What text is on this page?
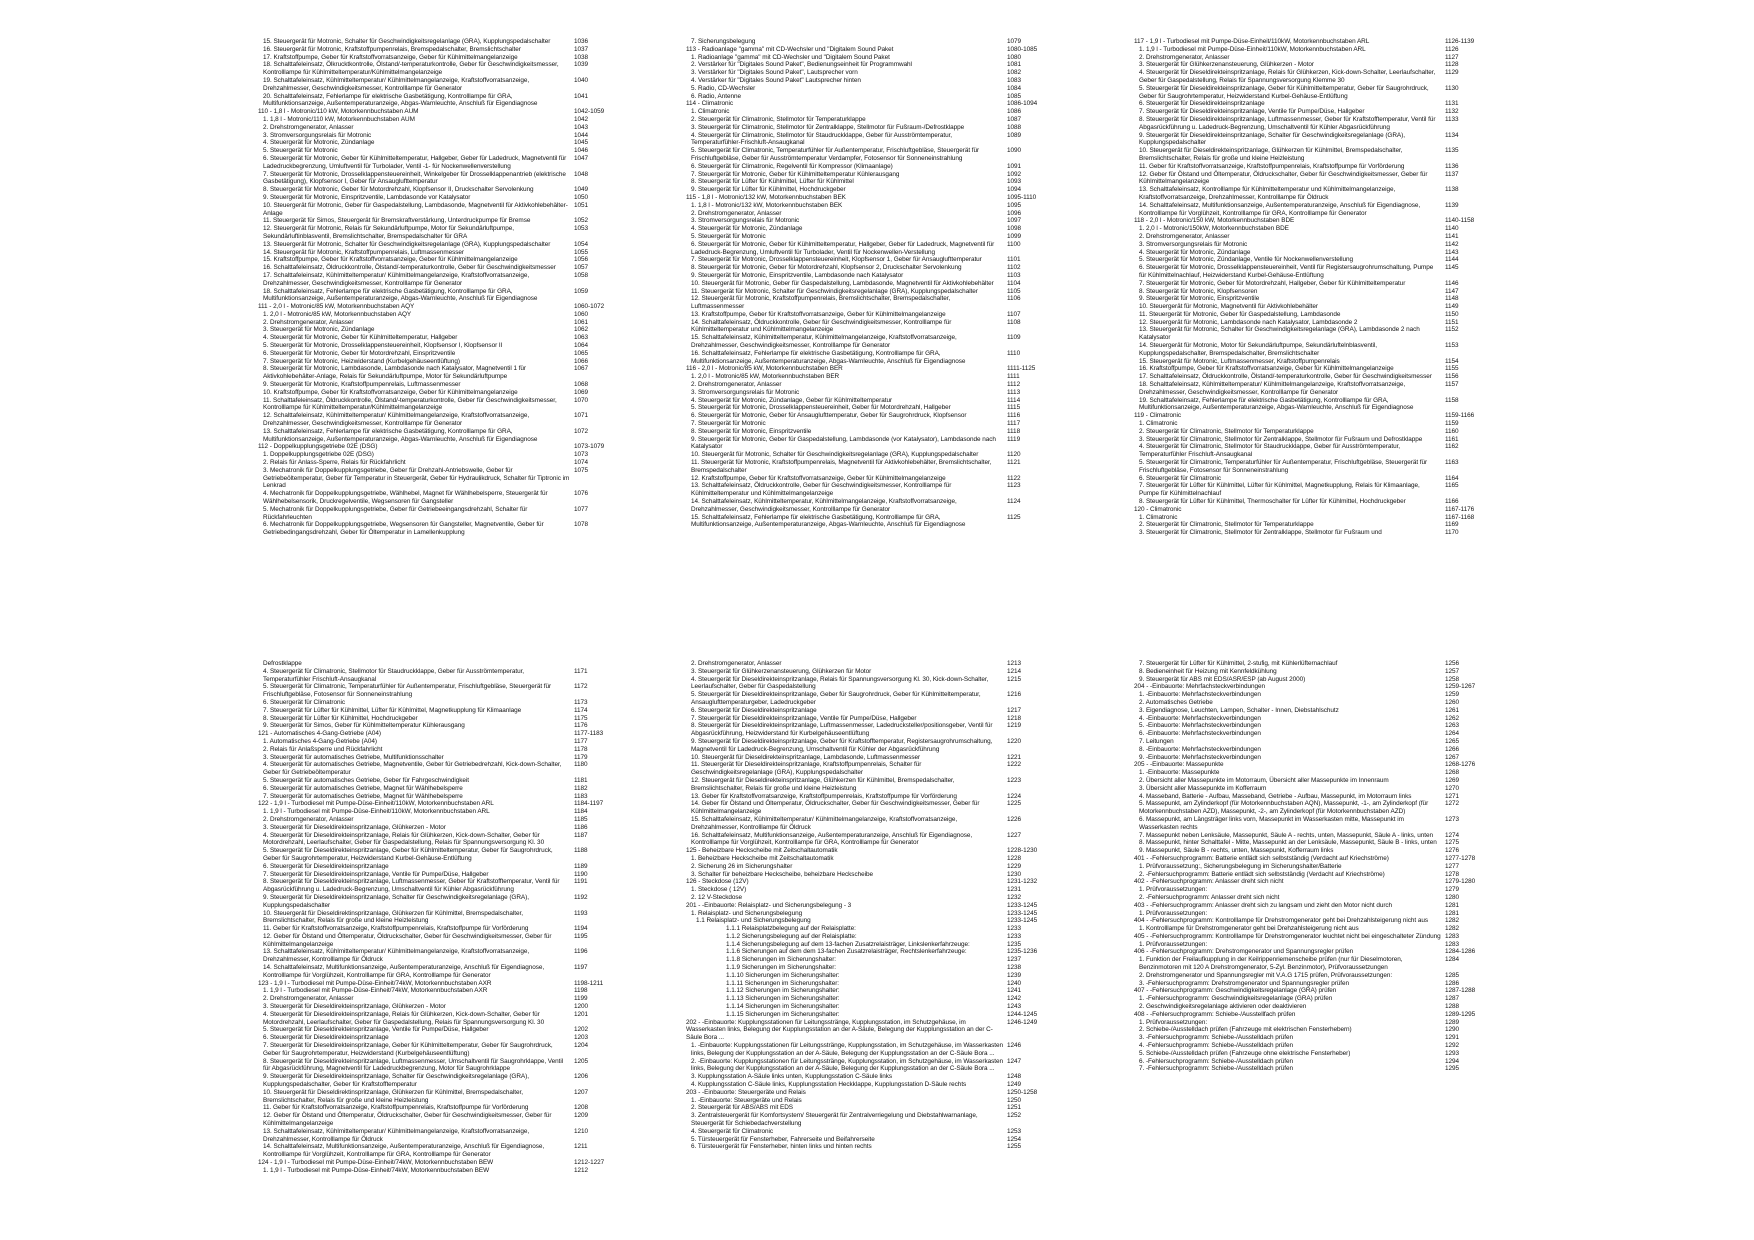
15. Steuergerät für Motronic, Schalter für Geschwindigkeitsregelanlage (GRA), Kupplungspedalschalter	1036
16. Steuergerät für Motronic, Kraftstoffpumpenrelais, Bremspedalschalter, Bremslichtschalter	1037
17. Kraftstoffpumpe, Geber für Kraftstoffvorratsanzeige, Geber für Kühlmittelmangelanzeige	1038
18. Schalttafeleinsatz, Ölkrucktkontrolle, Ölstand/-temperaturkontrolle, Geber für Geschwindigkeitsmesser, Kontrolllampe für Kühlmitteltemperatur/Kühlmittelmangelanzeige
1039
19. Schalttafeleinsatz, Kühlmitteltemperatur/ Kühlmittelmangelanzeige, Kraftstoffvorratsanzeige, Drehzahlmesser, Geschwindigkeitsmesser, Kontrolllampe für Generator
1040
20. Schalttafeleinsatz, Fehlerlampe für elektrische Gasbetätigung, Kontrolllampe für GRA, Multifunktionsanzeige, Außentemperaturanzeige, Abgas-Warnleuchte, Anschluß für Eigendiagnose
1041
110 - 1,8 l - Motronic/110 kW, Motorkennbuchstaben AUM	1042-1059
1. 1,8 l - Motronic/110 kW, Motorkennbuchstaben AUM	1042
2. Drehstromgenerator, Anlasser	1043
3. Stromversorgungsrelais für Motronic	1044
4. Steuergerät für Motronic, Zündanlage	1045
5. Steuergerät für Motronic	1046
6. Steuergerät für Motronic, Geber für Kühlmitteltemperatur, Hallgeber, Geber für Ladedruck, Magnetventil für Ladedruckbegrenzung, Umluftventil für Turbolader, Ventil -1- für Nockenwellenverstellung
1047
7. Steuergerät für Motronic, Drosselklappensteuereinheit, Winkelgeber für Drosselklappenantrieb (elektrische Gasbetätigung), Klopfsensor I, Geber für Ansauglufttemperatur
1048
8. Steuergerät für Motronic, Geber für Motordrehzahl, Klopfsensor II, Druckschalter Servolenkung	1049
9. Steuergerät für Motronic, Einspritzventile, Lambdasonde vor Katalysator	1050
10. Steuergerät für Motronic, Geber für Gaspedalstellung, Lambdasonde, Magnetventil für Aktivkohlebehälter-Anlage
1051
11. Steuergerät für Simos, Steuergerät für Bremskraftverstärkung, Unterdruckpumpe für Bremse	1052
12. Steuergerät für Motronic, Relais für Sekundärluftpumpe, Motor für Sekundärluftpumpe, Sekundärluftinblasventil, Bremslichtschalter, Bremspedalschalter für GRA
1053
13. Steuergerät für Motronic, Schalter für Geschwindigkeitsregelanlage (GRA), Kupplungspedalschalter	1054
14. Steuergerät für Motronic, Kraftstoffpumpenrelais, Luftmassenmesser	1055
15. Kraftstoffpumpe, Geber für Kraftstoffvorratsanzeige, Geber für Kühlmittelmangelanzeige	1056
16. Schalttafeleinsatz, Öldruckkontrolle, Ölstand/-temperaturkontrolle, Geber für Geschwindigkeitsmesser	1057
17. Schalttafeleinsatz, Kühlmitteltemperatur/ Kühlmittelmangelanzeige, Kraftstoffvorratsanzeige, Drehzahlmesser, Geschwindigkeitsmesser, Kontrolllampe für Generator
1058
18. Schalttafeleinsatz, Fehlerlampe für elektrische Gasbetätigung, Kontrolllampe für GRA, Multifunktionsanzeige, Außentemperaturanzeige, Abgas-Warnleuchte, Anschluß für Eigendiagnose
1059
111 - 2,0 l - Motronic/85 kW, Motorkennbuchstaben AQY	1060-1072
1. 2,0 l - Motronic/85 kW, Motorkennbuchstaben AQY	1060
2. Drehstromgenerator, Anlasser	1061
3. Steuergerät für Motronic, Zündanlage	1062
4. Steuergerät für Motronic, Geber für Kühlmitteltemperatur, Hallgeber	1063
5. Steuergerät für Motronic, Drosselklappensteuereinheit, Klopfsensor I, Klopfsensor II	1064
6. Steuergerät für Motronic, Geber für Motordrehzahl, Einspritzventile	1065
7. Steuergerät für Motronic, Heizwiderstand (Kurbelgehäuseentlüftung)	1066
8. Steuergerät für Motronic, Lambdasonde, Lambdasonde nach Katalysator, Magnetventil 1 für Aktivkohlebehälter-Anlage, Relais für Sekundärluftpumpe, Motor für Sekundärluftpumpe
1067
9. Steuergerät für Motronic, Kraftstoffpumpenrelais, Luftmassenmesser	1068
10. Kraftstoffpumpe, Geber für Kraftstoffvorratsanzeige, Geber für Kühlmittelmangelanzeige	1069
11. Schalttafeleinsatz, Öldruckkontrolle, Ölstand/-temperaturkontrolle, Geber für Geschwindigkeitsmesser, Kontrolllampe für Kühlmitteltemperatur/Kühlmittelmangelanzeige
1070
12. Schalttafeleinsatz, Kühlmitteltemperatur/ Kühlmittelmangelanzeige, Kraftstoffvorratsanzeige, Drehzahlmesser, Geschwindigkeitsmesser, Kontrolllampe für Generator
1071
13. Schalttafeleinsatz, Fehlerlampe für elektrische Gasbetätigung, Kontrolllampe für GRA, Multifunktionsanzeige, Außentemperaturanzeige, Abgas-Warnleuchte, Anschluß für Eigendiagnose
1072
112 - Doppelkupplungsgetriebe 02E (DSG)	1073-1079
1. Doppelkupplungsgetriebe 02E (DSG)	1073
2. Relais für Anlass-Sperre, Relais für Rückfahrlicht	1074
3. Mechatronik für Doppelkupplungsgetriebe, Geber für Drehzahl-Antriebswelle, Geber für Getriebeöltemperatur, Geber für Temperatur in Steuergerät, Geber für Hydraulikdruck, Schalter für Tiptronic im Lenkrad
1075
4. Mechatronik für Doppelkupplungsgetriebe, Wählhebel, Magnet für Wählhebelsperre, Steuergerät für Wählhebelsensorik, Druckregelventile, Wegsensoren für Gangsteller
1076
5. Mechatronik für Doppelkupplungsgetriebe, Geber für Getriebeeingangsdrehzahl, Schalter für Rückfahrleuchten
1077
6. Mechatronik für Doppelkupplungsgetriebe, Wegsensoren für Gangsteller, Magnetventile, Geber für Getriebedingangsdrehzahl, Geber für Öltemperatur in Lamellenkupplung
1078
7. Sicherungsbelegung	1079
113 - Radioanlage "gamma" mit CD-Wechsler und "Digitalem Sound Paket	1080-1085
1. Radioanlage "gamma" mit CD-Wechsler und "Digitalem Sound Paket	1080
2. Verstärker für "Digitales Sound Paket", Bedienungseinheit für Programmwahl	1081
3. Verstärker für "Digitales Sound Paket", Lautsprecher vorn	1082
4. Verstärker für "Digitales Sound Paket" Lautsprecher hinten	1083
5. Radio, CD-Wechsler	1084
6. Radio, Antenne	1085
114 - Climatronic	1086-1094
1. Climatronic	1086
2. Steuergerät für Climatronic, Stellmotor für Temperaturklappe	1087
3. Steuergerät für Climatronic, Stellmotor für Zentralklappe, Stellmotor für Fußraum-/Defrostklappe	1088
4. Steuergerät für Climatronic, Stellmotor für Staudruckklappe, Geber für Ausströmtemperatur, Temperaturfühler-Frischluft-Ansaugkanal
1089
5. Steuergerät für Climatronic, Temperaturfühler für Außentemperatur, Frischluftgebläse, Steuergerät für Frischluftgebläse, Geber für Ausströmtemperatur Verdampfer, Fotosensor für Sonneneinstrahlung
1090
6. Steuergerät für Climatronic, Regelventil für Kompressor (Klimaanlage)	1091
7. Steuergerät für Motronic, Geber für Kühlmitteltemperatur Kühlerausgang	1092
8. Steuergerät für Lüfter für Kühlmittel, Lüfter für Kühlmittel	1093
9. Steuergerät für Lüfter für Kühlmittel, Hochdruckgeber	1094
115 - 1,8 l - Motronic/132 kW, Motorkennbuchstaben BEK	1095-1110
1. 1,8 l - Motronic/132 kW, Motorkennbuchstaben BEK	1095
2. Drehstromgenerator, Anlasser	1096
3. Stromversorgungsrelais für Motronic	1097
4. Steuergerät für Motronic, Zündanlage	1098
5. Steuergerät für Motronic	1099
6. Steuergerät für Motronic, Geber für Kühlmitteltemperatur, Hallgeber, Geber für Ladedruck, Magnetventil für Ladedruck-Begrenzung, Umluftventil für Turbolader, Ventil für Nockenwellen-Verstellung
1100
7. Steuergerät für Motronic, Drosselklappensteuereinheit, Klopfsensor 1, Geber für Ansauglufttemperatur	1101
8. Steuergerät für Motronic, Geber für Motordrehzahl, Klopfsensor 2, Druckschalter Servolenkung	1102
9. Steuergerät für Motronic, Einspritzventile, Lambdasonde nach Katalysator	1103
10. Steuergerät für Motronic, Geber für Gaspedalstellung, Lambdasonde, Magnetventil für Aktivkohlebehälter	1104
11. Steuergerät für Motronic, Schalter für Geschwindigkeitsregelanlage (GRA), Kupplungspedalschalter	1105
12. Steuergerät für Motronic, Kraftstoffpumpenrelais, Bremslichtschalter, Bremspedalschalter, Luftmassenmesser
1106
13. Kraftstoffpumpe, Geber für Kraftstoffvorratsanzeige, Geber für Kühlmittelmangelanzeige	1107
14. Schalttafeleinsatz, Öldruckkontrolle, Geber für Geschwindigkeitsmesser, Kontrolllampe für Kühlmitteltemperatur und Kühlmittelmangelanzeige
1108
15. Schalttafeleinsatz, Kühlmitteltemperatur, Kühlmittelmangelanzeige, Kraftstoffvorratsanzeige, Drehzahlmesser, Geschwindigkeitsmesser, Kontrolllampe für Generator
1109
16. Schalttafeleinsatz, Fehlerlampe für elektrische Gasbetätigung, Kontrolllampe für GRA, Multifunktionsanzeige, Außentemperaturanzeige, Abgas-Warnleuchte, Anschluß für Eigendiagnose
1110
116 - 2,0 l - Motronic/85 kW, Motorkennbuchstaben BER	1111-1125
1. 2,0 l - Motronic/85 kW, Motorkennbuchstaben BER	1111
2. Drehstromgenerator, Anlasser	1112
3. Stromversorgungsrelais für Motronic	1113
4. Steuergerät für Motronic, Zündanlage, Geber für Kühlmitteltemperatur	1114
5. Steuergerät für Motronic, Drosselklappensteuereinheit, Geber für Motordrehzahl, Hallgeber	1115
6. Steuergerät für Motronic, Geber für Ansauglufttemperatur, Geber für Saugrohrdruck, Klopfsensor	1116
7. Steuergerät für Motronic	1117
8. Steuergerät für Motronic, Einspritzventile	1118
9. Steuergerät für Motronic, Geber für Gaspedalstellung, Lambdasonde (vor Katalysator), Lambdasonde nach Katalysator
1119
10. Steuergerät für Motronic, Schalter für Geschwindigkeitsregelanlage (GRA), Kupplungspedalschalter	1120
11. Steuergerät für Motronic, Kraftstoffpumpenrelais, Magnetventil für Aktivkohlebehälter, Bremslichtschalter, Bremspedalschalter
1121
12. Kraftstoffpumpe, Geber für Kraftstoffvorratsanzeige, Geber für Kühlmittelmangelanzeige	1122
13. Schalttafeleinsatz, Öldruckkontrolle, Geber für Geschwindigkeitsmesser, Kontrolllampe für Kühlmitteltemperatur und Kühlmittelmangelanzeige
1123
14. Schalttafeleinsatz, Kühlmitteltemperatur, Kühlmittelmangelanzeige, Kraftstoffvorratsanzeige, Drehzahlmesser, Geschwindigkeitsmesser, Kontrolllampe für Generator
1124
15. Schalttafeleinsatz, Fehlerlampe für elektrische Gasbetätigung, Kontrolllampe für GRA, Multifunktionsanzeige, Außentemperaturanzeige, Abgas-Warnleuchte, Anschluß für Eigendiagnose
1125
117 - 1,9 l - Turbodiesel mit Pumpe-Düse-Einheit/110kW, Motorkennbuchstaben ARL	1126-1139
1. 1,9 l - Turbodiesel mit Pumpe-Düse-Einheit/110kW, Motorkennbuchstaben ARL	1126
2. Drehstromgenerator, Anlasser	1127
3. Steuergerät für Glühkerzenansteuerung, Glühkerzen - Motor	1128
4. Steuergerät für Dieseldirekteinspritzanlage, Relais für Glühkerzen, Kick-down-Schalter, Leerlaufschalter, Geber für Gaspedalstellung, Relais für Spannungsversorgung Klemme 30
1129
5. Steuergerät für Dieseldirekteinspritzanlage, Geber für Kühlmitteltemperatur, Geber für Saugrohrdruck, Geber für Saugrohrtemperatur, Heizwiderstand Kurbel-Gehäuse-Entlüftung
1130
6. Steuergerät für Dieseldirekteinspritzanlage	1131
7. Steuergerät für Dieseldirekteinspritzanlage, Ventile für Pumpe/Düse, Hallgeber	1132
8. Steuergerät für Dieseldirekteinspritzanlage, Luftmassenmesser, Geber für Kraftstofftemperatur, Ventil für Abgasrückführung u. Ladedruck-Begrenzung, Umschaltventil für Kühler Abgasrückführung
1133
9. Steuergerät für Dieseldirekteinspritzanlage, Schalter für Geschwindigkeitsregelanlage (GRA), Kupplungspedalschalter
1134
10. Steuergerät für Dieseldirekteinspritzanlage, Glühkerzen für Kühlmittel, Bremspedalschalter, Bremslichtschalter, Relais für große und kleine Heizleistung
1135
11. Geber für Kraftstoffvorratsanzeige, Kraftstoffpumpenrelais, Kraftstoffpumpe für Vorförderung	1136
12. Geber für Ölstand und Öltemperatur, Öldruckschalter, Geber für Geschwindigkeitsmesser, Geber für Kühlmittelmangelanzeige
1137
13. Schalttafeleinsatz, Kontrolllampe für Kühlmitteltemperatur und Kühlmittelmangelanzeige, Kraftstoffvorratsanzeige, Drehzahlmesser, Kontrolllampe für Öldruck
1138
14. Schalttafeleinsatz, Multifunktionsanzeige, Außentemperaturanzeige, Anschluß für Eigendiagnose, Kontrolllampe für Vorglühzeit, Kontrolllampe für GRA, Kontrolllampe für Generator
1139
118 - 2,0 l - Motronic/150 kW, Motorkennbuchstaben BDE	1140-1158
1. 2,0 l - Motronic/150kW, Motorkennbuchstaben BDE	1140
2. Drehstromgenerator, Anlasser	1141
3. Stromversorgungsrelais für Motronic	1142
4. Steuergerät für Motronic, Zündanlage	1143
5. Steuergerät für Motronic, Zündanlage, Ventile für Nockenwellenverstellung	1144
6. Steuergerät für Motronic, Drosselklappensteuereinheit, Ventil für Registersaugrohrumschaltung, Pumpe für Kühlmittelnachlauf, Heizwiderstand Kurbel-Gehäuse-Entlüftung
1145
7. Steuergerät für Motronic, Geber für Motordrehzahl, Hallgeber, Geber für Kühlmitteltemperatur	1146
8. Steuergerät für Motronic, Klopfsensoren	1147
9. Steuergerät für Motronic, Einspritzventile	1148
10. Steuergerät für Motronic, Magnetventil für Aktivkohlebehälter	1149
11. Steuergerät für Motronic, Geber für Gaspedalstellung, Lambdasonde	1150
12. Steuergerät für Motronic, Lambdasonde nach Katalysator, Lambdasonde 2	1151
13. Steuergerät für Motronic, Schalter für Geschwindigkeitsregelanlage (GRA), Lambdasonde 2 nach Katalysator
1152
14. Steuergerät für Motronic, Motor für Sekundärluftpumpe, Sekundärluftelnblasventil, Kupplungspedalschalter, Bremspedalschalter, Bremslichtschalter
1153
15. Steuergerät für Motronic, Luftmassenmesser, Kraftstoffpumpenrelais	1154
16. Kraftstoffpumpe, Geber für Kraftstoffvorratsanzeige, Geber für Kühlmittelmangelanzeige	1155
17. Schalttafeleinsatz, Öldruckkontrolle, Ölstand/-temperaturkontrolle, Geber für Geschwindigkeitsmesser	1156
18. Schalttafeleinsatz, Kühlmitteltemperatur/ Kühlmittelmangelanzeige, Kraftstoffvorratsanzeige, Drehzahlmesser, Geschwindigkeitsmesser, Kontrolllampe für Generator
1157
19. Schalttafeleinsatz, Fehlerlampe für elektrische Gasbetätigung, Kontrolllampe für GRA, Multifunktionsanzeige, Außentemperaturanzeige, Abgas-Warnleuchte, Anschluß für Eigendiagnose
1158
119 - Climatronic	1159-1166
1. Climatronic	1159
2. Steuergerät für Climatronic, Stellmotor für Temperaturklappe	1160
3. Steuergerät für Climatronic, Stellmotor für Zentralklappe, Stellmotor für Fußraum und Defrostklappe	1161
4. Steuergerät für Climatronic, Stellmotor für Staudruckklappe, Geber für Ausströmtemperatur, Temperaturfühler Frischluft-Ansaugkanal
1162
5. Steuergerät für Climatronic, Temperaturfühler für Außentemperatur, Frischluftgebläse, Steuergerät für Frischluftgebläse, Fotosensor für Sonneneinstrahlung
1163
6. Steuergerät für Climatronic	1164
7. Steuergerät für Lüfter für Kühlmittel, Lüfter für Kühlmittel, Magnetkupplung, Relais für Klimaanlage, Pumpe für Kühlmittelnachlauf
1165
8. Steuergerät für Lüfter für Kühlmittel, Thermoschalter für Lüfter für Kühlmittel, Hochdruckgeber	1166
120 - Climatronic	1167-1176
1. Climatronic	1167-1168
2. Steuergerät für Climatronic, Stellmotor für Temperaturklappe	1169
3. Steuergerät für Climatronic, Stellmotor für Zentralklappe, Stellmotor für Fußraum und	1170
Defrostklappe
4. Steuergerät für Climatronic, Stellmotor für Staudruckklappe, Geber für Ausströmtemperatur, Temperaturfühler Frischluft-Ansaugkanal
1171
5. Steuergerät für Climatronic, Temperaturfühler für Außentemperatur, Frischluftgebläse, Steuergerät für Frischluftgebläse, Fotosensor für Sonneneinstrahlung
1172
6. Steuergerät für Climatronic	1173
7. Steuergerät für Lüfter für Kühlmittel, Lüfter für Kühlmittel, Magnetkupplung für Klimaanlage	1174
8. Steuergerät für Lüfter für Kühlmittel, Hochdruckgeber	1175
9. Steuergerät für Simos, Geber für Kühlmitteltemperatur Kühlerausgang	1176
121 - Automatisches 4-Gang-Getriebe (A04)	1177-1183
1. Automatisches 4-Gang-Getriebe (A04)	1177
2. Relais für Anlaßsperre und Rückfahrlicht	1178
3. Steuergerät für automatisches Getriebe, Multifunktionsschalter	1179
4. Steuergerät für automatisches Getriebe, Magnetventile, Geber für Getriebedrehzahl, Kick-down-Schalter, Geber für Getriebeöltemperatur
1180
5. Steuergerät für automatisches Getriebe, Geber für Fahrgeschwindigkeit	1181
6. Steuergerät für automatisches Getriebe, Magnet für Wählhebelsperre	1182
7. Steuergerät für automatisches Getriebe, Magnet für Wählhebelsperre	1183
122 - 1,9 l - Turbodiesel mit Pumpe-Düse-Einheit/110kW, Motorkennbuchstaben ARL	1184-1197
1. 1,9 l - Turbodiesel mit Pumpe-Düse-Einheit/110kW, Motorkennbuchstaben ARL	1184
2. Drehstromgenerator, Anlasser	1185
3. Steuergerät für Dieseldirekteinspritzanlage, Glühkerzen - Motor	1186
4. Steuergerät für Dieseldirekteinspritzanlage, Relais für Glühkerzen, Kick-down-Schalter, Geber für Motordrehzahl, Leerlaufschalter, Geber für Gaspedalstellung, Relais für Spannungsversorgung Kl. 30
1187
5. Steuergerät für Dieseldirekteinspritzanlage, Geber für Kühlmitteltemperatur, Geber für Saugrohrdruck, Geber für Saugrohrtemperatur, Heizwiderstand Kurbel-Gehäuse-Entlüftung
1188
6. Steuergerät für Dieseldirekteinspritzanlage	1189
7. Steuergerät für Dieseldirekteinspritzanlage, Ventile für Pumpe/Düse, Hallgeber	1190
8. Steuergerät für Dieseldirekteinspritzanlage, Luftmassenmesser, Geber für Kraftstofftemperatur, Ventil für Abgasrückführung u. Ladedruck-Begrenzung, Umschaltventil für Kühler Abgasrückführung
1191
9. Steuergerät für Dieseldirekteinspritzanlage, Schalter für Geschwindigkeitsregelanlage (GRA), Kupplungspedalschalter
1192
10. Steuergerät für Dieseldirektinspritzanlage, Glühkerzen für Kühlmittel, Bremspedalschalter, Bremslichtschalter, Relais für große und kleine Heizleistung
1193
11. Geber für Kraftstoffvorratsanzeige, Kraftstoffpumpenrelais, Kraftstoffpumpe für Vorförderung	1194
12. Geber für Ölstand und Öltemperatur, Öldruckschalter, Geber für Geschwindigkeitsmesser, Geber für Kühlmittelmangelanzeige
1195
13. Schalttafeleinsatz, Kühlmitteltemperatur/ Kühlmittelmangelanzeige, Kraftstoffvorratsanzeige, Drehzahlmesser, Kontrolllampe für Öldruck
1196
14. Schalttafeleinsatz, Multifunktionsanzeige, Außentemperaturanzeige, Anschluß für Eigendiagnose, Kontrolllampe für Vorglühzeit, Kontrolllampe für GRA, Kontrolllampe für Generator
1197
123 - 1,9 l - Turbodiesel mit Pumpe-Düse-Einheit/74kW, Motorkennbuchstaben AXR	1198-1211
1. 1,9 l - Turbodiesel mit Pumpe-Düse-Einheit/74kW, Motorkennbuchstaben AXR	1198
2. Drehstromgenerator, Anlasser	1199
3. Steuergerät für Dieseldirekteinspritzanlage, Glühkerzen - Motor	1200
4. Steuergerät für Dieseldirekteinspritzanlage, Relais für Glühkerzen, Kick-down-Schalter, Geber für Motordrehzahl, Leerlaufschalter, Geber für Gaspedalstellung, Relais für Spannungsversorgung Kl. 30
1201
5. Steuergerät für Dieseldirekteinspritzanlage, Ventile für Pumpe/Düse, Hallgeber	1202
6. Steuergerät für Dieseldirekteinspritzanlage	1203
7. Steuergerät für Dieseldirekteinspritzanlage, Geber für Kühlmitteltemperatur, Geber für Saugrohrdruck, Geber für Saugrohrtemperatur, Heizwiderstand (Kurbelgehäuseentlüftung)
1204
8. Steuergerät für Dieseldirekteinspritzanlage, Luftmassenmesser, Umschaltventil für Saugrohrklappe, Ventil für Abgasrückführung, Magnetventil für Ladedruckbegrenzung, Motor für Saugrohrklappe
1205
9. Steuergerät für Dieseldirekteinspritzanlage, Schalter für Geschwindigkeitsregelanlage (GRA), Kupplungspedalschalter, Geber für Kraftstofftemperatur
1206
10. Steuergerät für Dieseldirektinspritzanlage, Glühkerzen für Kühlmittel, Bremspedalschalter, Bremslichtschalter, Relais für große und kleine Heizleistung
1207
11. Geber für Kraftstoffvorratsanzeige, Kraftstoffpumpenrelais, Kraftstoffpumpe für Vorförderung	1208
12. Geber für Ölstand und Öltemperatur, Öldruckschalter, Geber für Geschwindigkeitsmesser, Geber für Kühlmittelmangelanzeige
1209
13. Schalttafeleinsatz, Kühlmitteltemperatur/ Kühlmittelmangelanzeige, Kraftstoffvorratsanzeige, Drehzahlmesser, Kontrolllampe für Öldruck
1210
14. Schalttafeleinsatz, Multifunktionsanzeige, Außentemperaturanzeige, Anschluß für Eigendiagnose, Kontrolllampe für Vorglühzeit, Kontrolllampe für GRA, Kontrolllampe für Generator
1211
124 - 1,9 l - Turbodiesel mit Pumpe-Düse-Einheit/74kW, Motorkennbuchstaben BEW	1212-1227
1. 1,9 l - Turbodiesel mit Pumpe-Düse-Einheit/74kW, Motorkennbuchstaben BEW	1212
2. Drehstromgenerator, Anlasser	1213
3. Steuergerät für Glühkerzenansteuerung, Glühkerzen für Motor	1214
4. Steuergerät für Dieseldirekteinspritzanlage, Relais für Spannungsversorgung Kl. 30, Kick-down-Schalter, Leerlaufschalter, Geber für Gaspedalstellung
1215
5. Steuergerät für Dieseldirekteinspritzanlage, Geber für Saugrohrdruck, Geber für Kühlmitteltemperatur, Ansauglufttemperaturgeber, Ladedruckgeber
1216
6. Steuergerät für Dieseldirekteinspritzanlage	1217
7. Steuergerät für Dieseldirekteinspritzanlage, Ventile für Pumpe/Düse, Hallgeber	1218
8. Steuergerät für Dieseldirekteinspritzanlage, Luftmassenmesser, Ladedrucksteller/positionsgeber, Ventil für Abgasrückführung, Heizwiderstand für Kurbelgehäuseentlüftung
1219
9. Steuergerät für Dieseldirekteinspritzanlage, Geber für Kraftstofftemperatur, Registersaugrohrumschaltung, Magnetventil für Ladedruck-Begrenzung, Umschaltventil für Kühler der Abgasrückführung
1220
10. Steuergerät für Dieseldirekteinspritzanlage, Lambdasonde, Luftmassenmesser	1221
11. Steuergerät für Dieseldirekteinspritzanlage, Kraftstoffpumpenrelais, Schalter für Geschwindigkeitsregelanlage (GRA), Kupplungspedalschalter
1222
12. Steuergerät für Dieseldirekteinspritzanlage, Glühkerzen für Kühlmittel, Bremspedalschalter, Bremslichtschalter, Relais für große und kleine Heizleistung
1223
13. Geber für Kraftstoffvorratsanzeige, Kraftstoffpumpenrelais, Kraftstoffpumpe für Vorförderung	1224
14. Geber für Ölstand und Öltemperatur, Öldruckschalter, Geber für Geschwindigkeitsmesser, Geber für Kühlmittelmangelanzeige
1225
15. Schalttafeleinsatz, Kühlmitteltemperatur/ Kühlmittelmangelanzeige, Kraftstoffvorratsanzeige, Drehzahlmesser, Kontrolllampe für Öldruck
1226
16. Schalttafeleinsatz, Multifunktionsanzeige, Außentemperaturanzeige, Anschluß für Eigendiagnose, Kontrolllampe für Vorglühzeit, Kontrolllampe für GRA, Kontrolllampe für Generator
1227
125 - Beheizbare Heckscheibe mit Zeitschaltautomatik	1228-1230
1. Beheizbare Heckscheibe mit Zeitschaltautomatik	1228
2. Sicherung 26 im Sicherungshalter	1229
3. Schalter für beheizbare Heckscheibe, beheizbare Heckscheibe	1230
126 - Steckdose (12V)	1231-1232
1. Steckdose ( 12V)	1231
2. 12 V-Steckdose	1232
201 - -Einbauorte: Relaisplatz- und Sicherungsbelegung - 3	1233-1245
1. Relaisplatz- und Sicherungsbelegung	1233-1245
1.1 Relaisplatz- und Sicherungsbelegung	1233-1245
1.1.1 Relaisplatzbelegung auf der Relaisplatte:	1233
1.1.2 Sicherungsbelegung auf der Relaisplatte:	1233
1.1.4 Sicherungsbelegung auf dem 13-fachen Zusatzrelaisträger, Linkslenkerfahrzeuge:	1235
1.1.6 Sicherungen auf dem dem 13-fachen Zusatzrelaisträger, Rechtslenkerfahrzeuge:	1235-1236
1.1.8 Sicherungen im Sicherungshalter:	1237
1.1.9 Sicherungen im Sicherungshalter:	1238
1.1.10 Sicherungen im Sicherungshalter:	1239
1.1.11 Sicherungen im Sicherungshalter:	1240
1.1.12 Sicherungen im Sicherungshalter:	1241
1.1.13 Sicherungen im Sicherungshalter:	1242
1.1.14 Sicherungen im Sicherungshalter:	1243
1.1.15 Sicherungen im Sicherungshalter:	1244-1245
202 - -Einbauorte: Kupplungsstationen für Leitungsstränge, Kupplungsstation, im Schutzgehäuse, im Wasserkasten links, Belegung der Kupplungsstation an der A-Säule, Belegung der Kupplungsstation an der C-Säule Bora ...
1246-1249
1. -Einbauorte: Kupplungsstationen für Leitungsstränge, Kupplungsstation, im Schutzgehäuse, im Wasserkasten links, Belegung der Kupplungsstation an der A-Säule, Belegung der Kupplungsstation an der C-Säule Bora ...
1246
2. -Einbauorte: Kupplungsstationen für Leitungsstränge, Kupplungsstation, im Schutzgehäuse, im Wasserkasten links, Belegung der Kupplungsstation an der A-Säule, Belegung der Kupplungsstation an der C-Säule Bora ...
1247
3. Kupplungsstation A-Säule links unten, Kupplungsstation C-Säule links	1248
4. Kupplungsstation C-Säule links, Kupplungsstation Heckklappe, Kupplungsstation D-Säule rechts	1249
203 - -Einbauorte: Steuergeräte und Relais	1250-1258
1. -Einbauorte: Steuergeräte und Relais	1250
2. Steuergerät für ABS/ABS mit EDS	1251
3. Zentralsteuergerät für Komfortsystem/ Steuergerät für Zentralverriegelung und Diebstahlwarnanlage, Steuergerät für Schiebedachverstellung
1252
4. Steuergerät für Climatronic	1253
5. Türsteuergerät für Fensterheber, Fahrerseite und Beifahrerseite	1254
6. Türsteuergerät für Fensterheber, hinten links und hinten rechts	1255
7. Steuergerät für Lüfter für Kühlmittel, 2-stufig, mit Kühlerlüfternachlauf	1256
8. Bedieneinheit für Heizung mit Kennfeldkühlung	1257
9. Steuergerät für ABS mit EDS/ASR/ESP (ab August 2000)	1258
204 - -Einbauorte: Mehrfachsteckverbindungen	1259-1267
1. -Einbauorte: Mehrfachsteckverbindungen	1259
2. Automatisches Getriebe	1260
3. Eigendiagnose, Leuchten, Lampen, Schalter - Innen, Diebstahlschutz	1261
4. -Einbauorte: Mehrfachsteckverbindungen	1262
5. -Einbauorte: Mehrfachsteckverbindungen	1263
6. -Einbauorte: Mehrfachsteckverbindungen	1264
7. Leitungen	1265
8. -Einbauorte: Mehrfachsteckverbindungen	1266
9. -Einbauorte: Mehrfachsteckverbindungen	1267
205 - -Einbauorte: Massepunkte	1268-1276
1. -Einbauorte: Massepunkte	1268
2. Übersicht aller Massepunkte im Motorraum, Übersicht aller Massepunkte im Innenraum	1269
3. Übersicht aller Massepunkte im Kofferraum	1270
4. Masseband, Batterie - Aufbau, Masseband, Getriebe - Aufbau, Massepunkt, im Motorraum links	1271
5. Massepunkt, am Zylinderkopf (für Motorkennbuchstaben AQN), Massepunkt, -1-, am Zylinderkopf (für Motorkennbuchstaben AZD), Massepunkt, -2-, am Zylinderkopf (für Motorkennbuchstaben AZD)
1272
6. Massepunkt, am Längsträger links vorn, Massepunkt im Wasserkasten mitte, Massepunkt im Wasserkasten rechts
1273
7. Massepunkt neben Lenksäule, Massepunkt, Säule A - rechts, unten, Massepunkt, Säule A - links, unten	1274
8. Massepunkt, hinter Schalttafel - Mitte, Massepunkt an der Lenksäule, Massepunkt, Säule B - links, unten	1275
9. Massepunkt, Säule B - rechts, unten, Massepunkt, Kofferraum links	1276
401 - -Fehlersuchprogramm: Batterie entlädt sich selbstständig (Verdacht auf Kriechströme)	1277-1278
1. Prüfvoraussetzung:, Sicherungsbelegung im Sicherungshalter/Batterie	1277
2. -Fehlersuchprogramm: Batterie entlädt sich selbstständig (Verdacht auf Kriechströme)	1278
402 - -Fehlersuchprogramm: Anlasser dreht sich nicht	1279-1280
1. Prüfvoraussetzungen:	1279
2. -Fehlersuchprogramm: Anlasser dreht sich nicht	1280
403 - -Fehlersuchprogramm: Anlasser dreht sich zu langsam und zieht den Motor nicht durch	1281
1. Prüfvoraussetzungen:	1281
404 - -Fehlersuchprogramm: Kontrolllampe für Drehstromgenerator geht bei Drehzahlsteigerung nicht aus	1282
1. Kontrolllampe für Drehstromgenerator geht bei Drehzahlsteigerung nicht aus	1282
405 - -Fehlersuchprogramm: Kontrolllampe für Drehstromgenerator leuchtet nicht bei eingeschalteter Zündung 1283
1. Prüfvoraussetzungen:	1283
406 - -Fehlersuchprogramm: Drehstromgenerator und Spannungsregler prüfen	1284-1286
1. Funktion der Freilaufkupplung in der Keilrippenriemenscheibe prüfen (nur für Dieselmotoren, Benzinmotoren mit 120 A Drehstromgenerator, 5-Zyl. Benzinmotor), Prüfvoraussetzungen
1284
2. Drehstromgenerator und Spannungsregler mit V.A.G 1715 prüfen, Prüfvoraussetzungen:	1285
3. -Fehlersuchprogramm: Drehstromgenerator und Spannungsregler prüfen	1286
407 - -Fehlersuchprogramm: Geschwindigkeitsregelanlage (GRA) prüfen	1287-1288
1. -Fehlersuchprogramm: Geschwindigkeitsregelanlage (GRA) prüfen	1287
2. Geschwindigkeitsregelanlage aktivieren oder deaktivieren	1288
408 - -Fehlersuchprogramm: Schiebe-/Ausstellfach prüfen	1289-1295
1. Prüfvoraussetzungen:	1289
2. Schiebe-/Ausstelldach prüfen (Fahrzeuge mit elektrischen Fensterhebern)	1290
3. -Fehlersuchprogramm: Schiebe-/Ausstelldach prüfen	1291
4. -Fehlersuchprogramm: Schiebe-/Ausstelldach prüfen	1292
5. Schiebe-/Ausstelldach prüfen (Fahrzeuge ohne elektrische Fensterheber)	1293
6. -Fehlersuchprogramm: Schiebe-/Ausstelldach prüfen	1294
7. -Fehlersuchprogramm: Schiebe-/Ausstelldach prüfen	1295
